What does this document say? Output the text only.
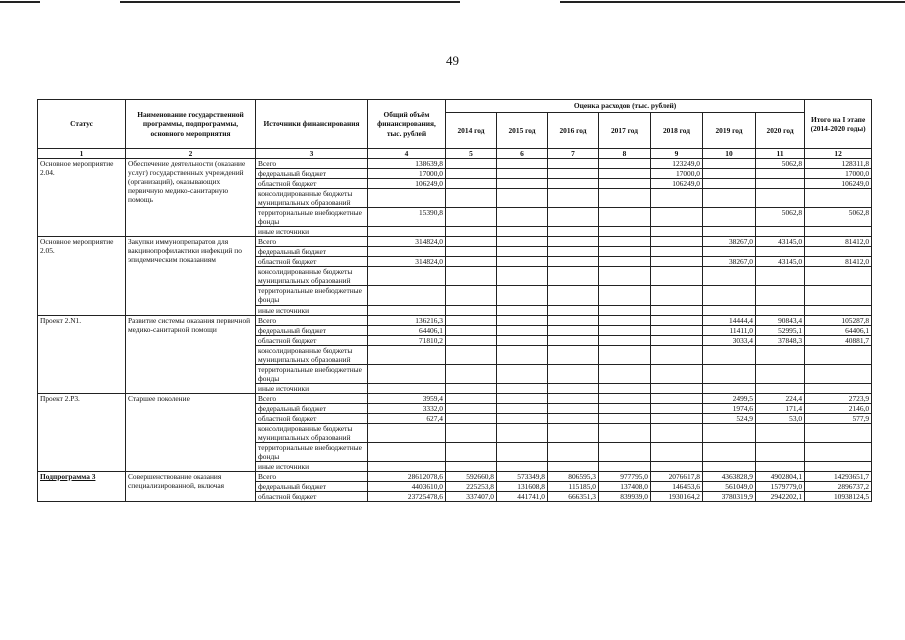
49
Статус	Наименование государственной программы, подпрограммы, основного мероприятия	Источники финансирования	Общий объём финансирования, тыс. рублей	Оценка расходов (тыс. рублей)							Итого на I этапе (2014-2020 годы)
				2014 год	2015 год	2016 год	2017 год	2018 год	2019 год	2020 год	
1	2	3	4	5	6	7	8	9	10	11	12
Основное мероприятие 2.04.	Обеспечение деятельности (оказание услуг) государственных учреждений (организаций), оказывающих первичную медико-санитарную помощь	Всего	138639,8					123249,0		5062,8	128311,8
		федеральный бюджет	17000,0					17000,0			17000,0
		областной бюджет	106249,0					106249,0			106249,0
		консолидированные бюджеты муниципальных образований									
		территориальные внебюджетные фонды	15390,8							5062,8	5062,8
		иные источники									
Основное мероприятие 2.05.	Закупки иммунопрепаратов для вакцинопрофилактики инфекций по эпидемическим показаниям	Всего	314824,0						38267,0	43145,0	81412,0
		федеральный бюджет									
		областной бюджет	314824,0						38267,0	43145,0	81412,0
		консолидированные бюджеты муниципальных образований									
		территориальные внебюджетные фонды									
		иные источники									
Проект 2.N1.	Развитие системы оказания первичной медико-санитарной помощи	Всего	136216,3						14444,4	90843,4	105287,8
		федеральный бюджет	64406,1						11411,0	52995,1	64406,1
		областной бюджет	71810,2						3033,4	37848,3	40881,7
		консолидированные бюджеты муниципальных образований									
		территориальные внебюджетные фонды									
		иные источники									
Проект 2.Р3.	Старшее поколение	Всего	3959,4						2499,5	224,4	2723,9
		федеральный бюджет	3332,0						1974,6	171,4	2146,0
		областной бюджет	627,4						524,9	53,0	577,9
		консолидированные бюджеты муниципальных образований									
		территориальные внебюджетные фонды									
		иные источники									
Подпрограмма 3	Совершенствование оказания специализированной, включая	Всего	28612078,6	592660,8	573349,8	806595,3	977795,0	2076617,8	4363828,9	4902804,1	14293651,7
		федеральный бюджет	4403610,0	225253,8	131608,8	115185,0	137408,0	146453,6	561049,0	1579779,0	2896737,2
		областной бюджет	23725478,6	337407,0	441741,0	666351,3	839939,0	1930164,2	3780319,9	2942202,1	10938124,5
